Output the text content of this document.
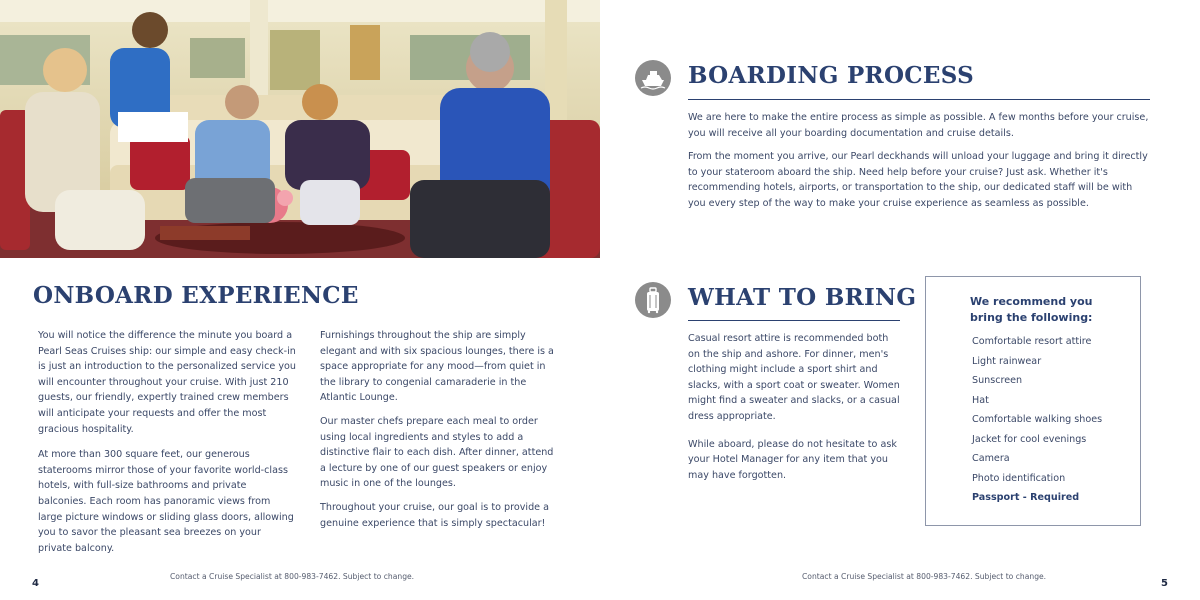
ONBOARD EXPERIENCE

You will notice the difference the minute you board a Pearl Seas Cruises ship: our simple and easy check-in is just an introduction to the personalized service you will encounter throughout your cruise. With just 210 guests, our friendly, expertly trained crew members will anticipate your requests and offer the most gracious hospitality.

At more than 300 square feet, our generous staterooms mirror those of your favorite world-class hotels, with full-size bathrooms and private balconies. Each room has panoramic views from large picture windows or sliding glass doors, allowing you to savor the pleasant sea breezes on your private balcony.

Furnishings throughout the ship are simply elegant and with six spacious lounges, there is a space appropriate for any mood—from quiet in the library to congenial camaraderie in the Atlantic Lounge.

Our master chefs prepare each meal to order using local ingredients and styles to add a distinctive flair to each dish. After dinner, attend a lecture by one of our guest speakers or enjoy music in one of the lounges.

Throughout your cruise, our goal is to provide a genuine experience that is simply spectacular!

Contact a Cruise Specialist at 800-983-7462. Subject to change.
4
BOARDING PROCESS

We are here to make the entire process as simple as possible. A few months before your cruise, you will receive all your boarding documentation and cruise details.

From the moment you arrive, our Pearl deckhands will unload your luggage and bring it directly to your stateroom aboard the ship. Need help before your cruise? Just ask. Whether it's recommending hotels, airports, or transportation to the ship, our dedicated staff will be with you every step of the way to make your cruise experience as seamless as possible.

WHAT TO BRING

Casual resort attire is recommended both on the ship and ashore. For dinner, men's clothing might include a sport shirt and slacks, with a sport coat or sweater. Women might find a sweater and slacks, or a casual dress appropriate.

While aboard, please do not hesitate to ask your Hotel Manager for any item that you may have forgotten.

We recommend you bring the following:
Comfortable resort attire
Light rainwear
Sunscreen
Hat
Comfortable walking shoes
Jacket for cool evenings
Camera
Photo identification
Passport - Required
Contact a Cruise Specialist at 800-983-7462. Subject to change.
5
